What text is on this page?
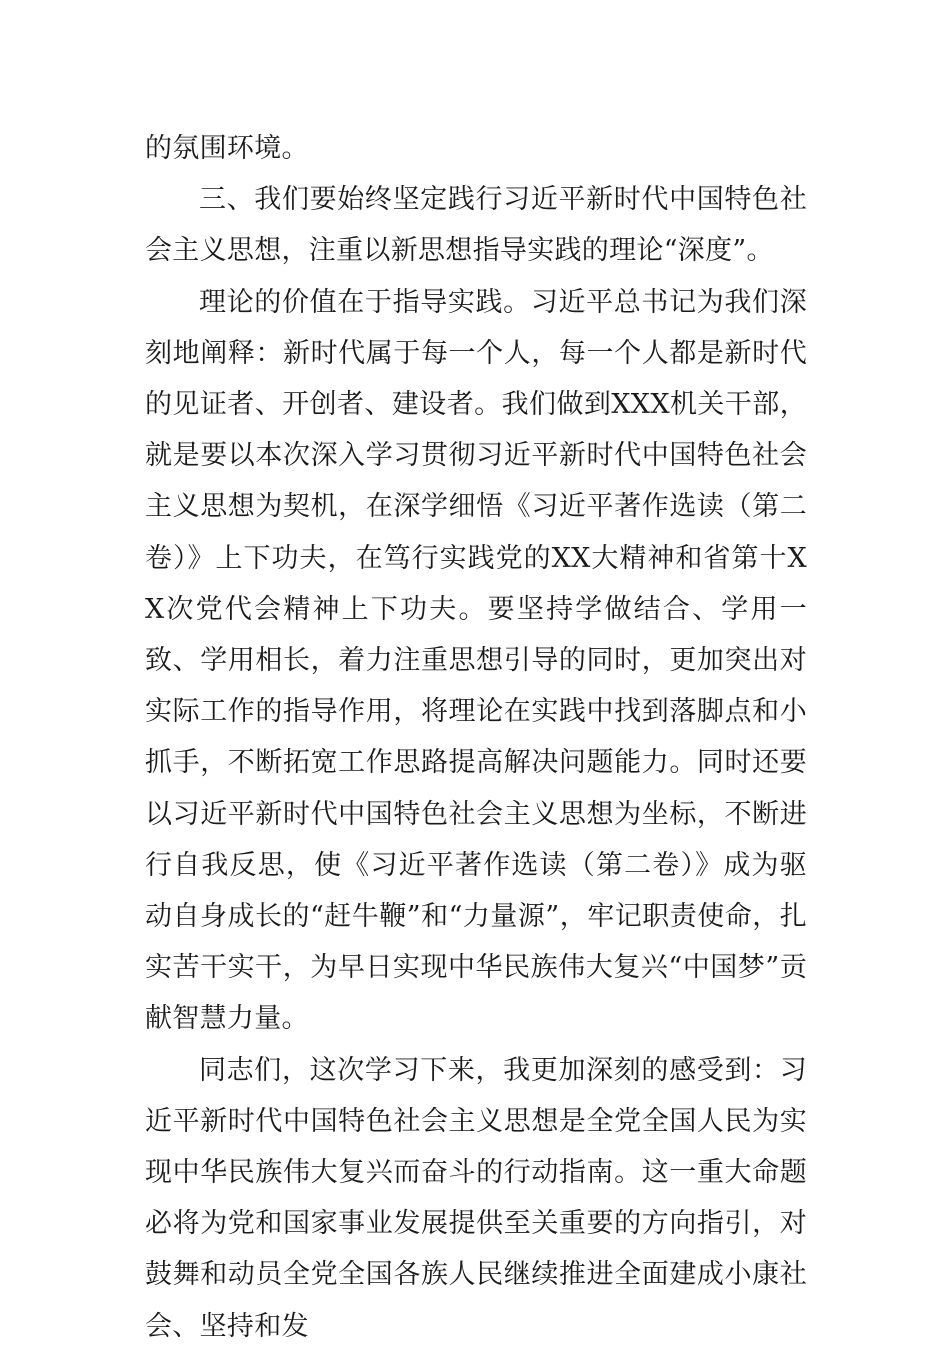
的氛围环境。

三、我们要始终坚定践行习近平新时代中国特色社会主义思想，注重以新思想指导实践的理论“深度”。

理论的价值在于指导实践。习近平总书记为我们深刻地阐释：新时代属于每一个人，每一个人都是新时代的见证者、开创者、建设者。我们做到XXX机关干部，就是要以本次深入学习贯彻习近平新时代中国特色社会主义思想为契机，在深学细悟《习近平著作选读（第二卷）》上下功夫，在笃行实践党的XX大精神和省第十XX次党代会精神上下功夫。要坚持学做结合、学用一致、学用相长，着力注重思想引导的同时，更加突出对实际工作的指导作用，将理论在实践中找到落脚点和小抓手，不断拓宽工作思路提高解决问题能力。同时还要以习近平新时代中国特色社会主义思想为坐标，不断进行自我反思，使《习近平著作选读（第二卷）》成为驱动自身成长的“赶牛鞭”和“力量源”，牢记职责使命，扎实苦干实干，为早日实现中华民族伟大复兴“中国梦”贡献智慧力量。

同志们，这次学习下来，我更加深刻的感受到：习近平新时代中国特色社会主义思想是全党全国人民为实现中华民族伟大复兴而奋斗的行动指南。这一重大命题必将为党和国家事业发展提供至关重要的方向指引，对鼓舞和动员全党全国各族人民继续推进全面建成小康社会、坚持和发
